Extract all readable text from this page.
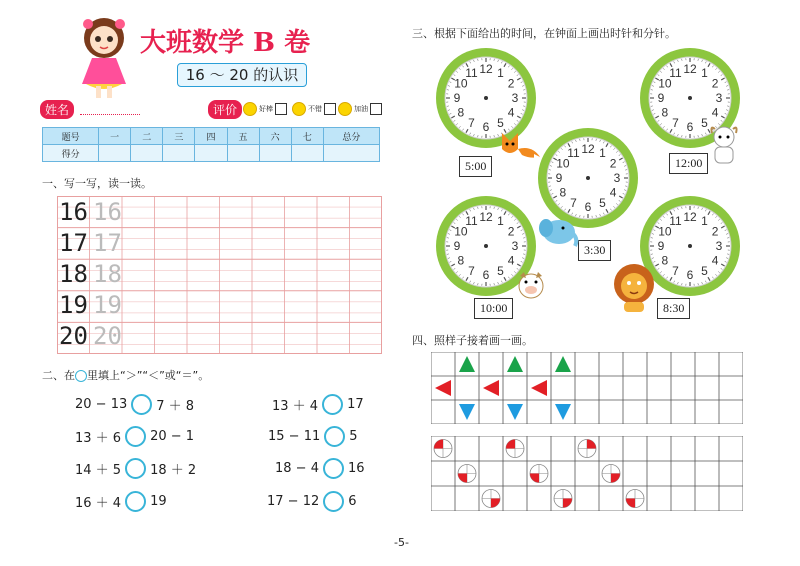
大班数学 B 卷
16 ～ 20 的认识
姓名	评价	好棒	不错	加油
题号	一	二	三	四	五	六	七	总分
得分								
一、写一写，读一读。
16 16
17 17
18 18
19 19
20 20
二、在 里填上“＞”“＜”或“＝”。
20 − 13 7 ＋ 8	13 ＋ 4 17
13 ＋ 6 20 − 1	15 − 11 5
14 ＋ 5 18 ＋ 2	18 − 4 16
16 ＋ 4 19	17 − 12 6
三、根据下面给出的时间，在钟面上画出时针和分针。
12 1
2
3
4
5
6
7
8
9
10
11	12 1
2
3
4
5
6
7
8
9
10
11
12 1
2
3
4
5
6
7
8
9
10
11
12 1
2
3
4
5
6
7
8
9
10
11	12 1
2
3
4
5
6
7
8
9
10
11
5:00	12:00
3:30
10:00	8:30
四、照样子接着画一画。
-5-
